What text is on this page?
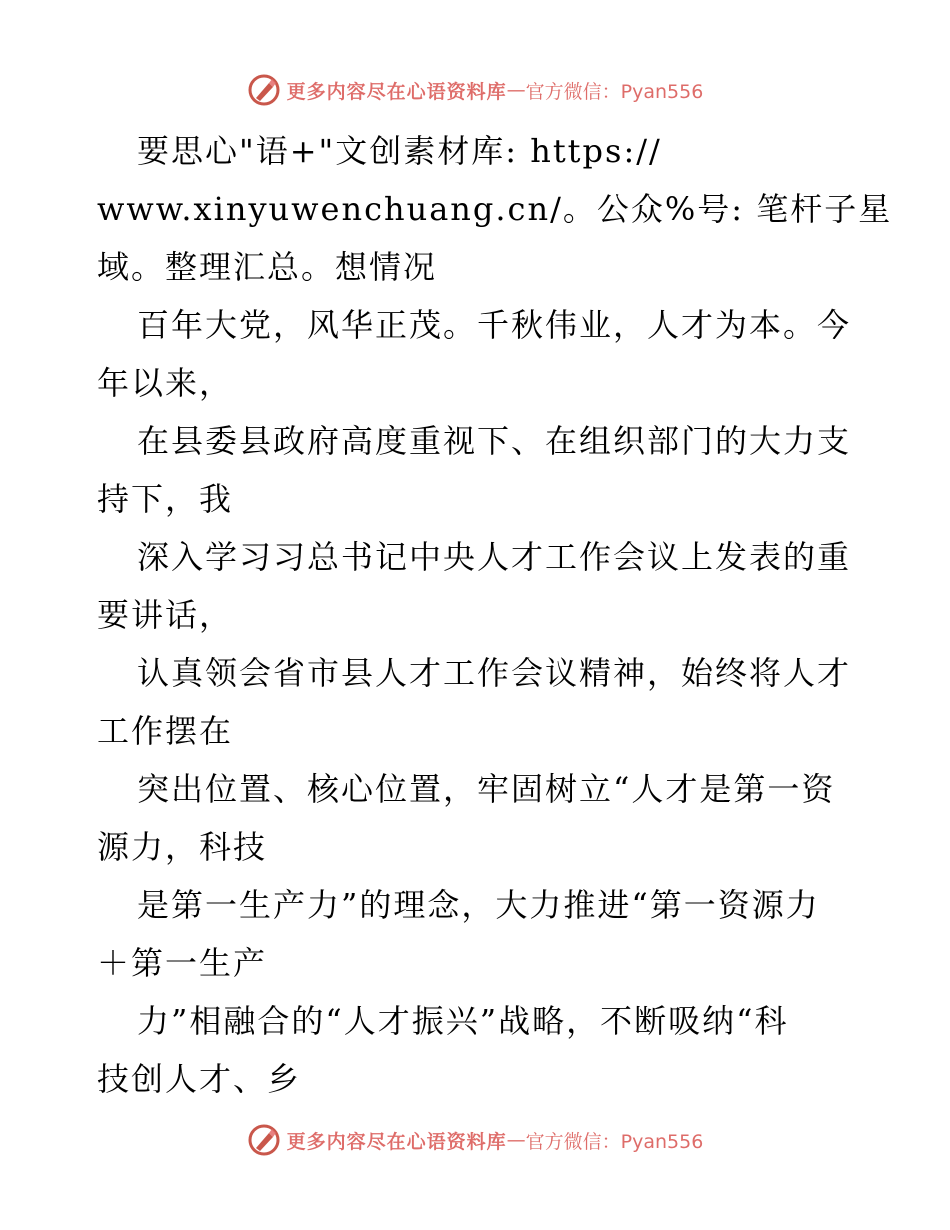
更多内容尽在心语资料库 — 官方微信：Pyan556
要思心"语+"文创素材库: https://
www.xinyuwenchuang.cn/。公众%号: 笔杆子星
域。整理汇总。想情况
百年大党，风华正茂。千秋伟业，人才为本。今
年以来，
在县委县政府高度重视下、在组织部门的大力支
持下，我
深入学习习总书记中央人才工作会议上发表的重
要讲话，
认真领会省市县人才工作会议精神，始终将人才
工作摆在
突出位置、核心位置，牢固树立“人才是第一资
源力，科技
是第一生产力”的理念，大力推进“第一资源力
＋第一生产
力”相融合的“人才振兴”战略，不断吸纳“科
技创人才、乡
更多内容尽在心语资料库 — 官方微信：Pyan556
